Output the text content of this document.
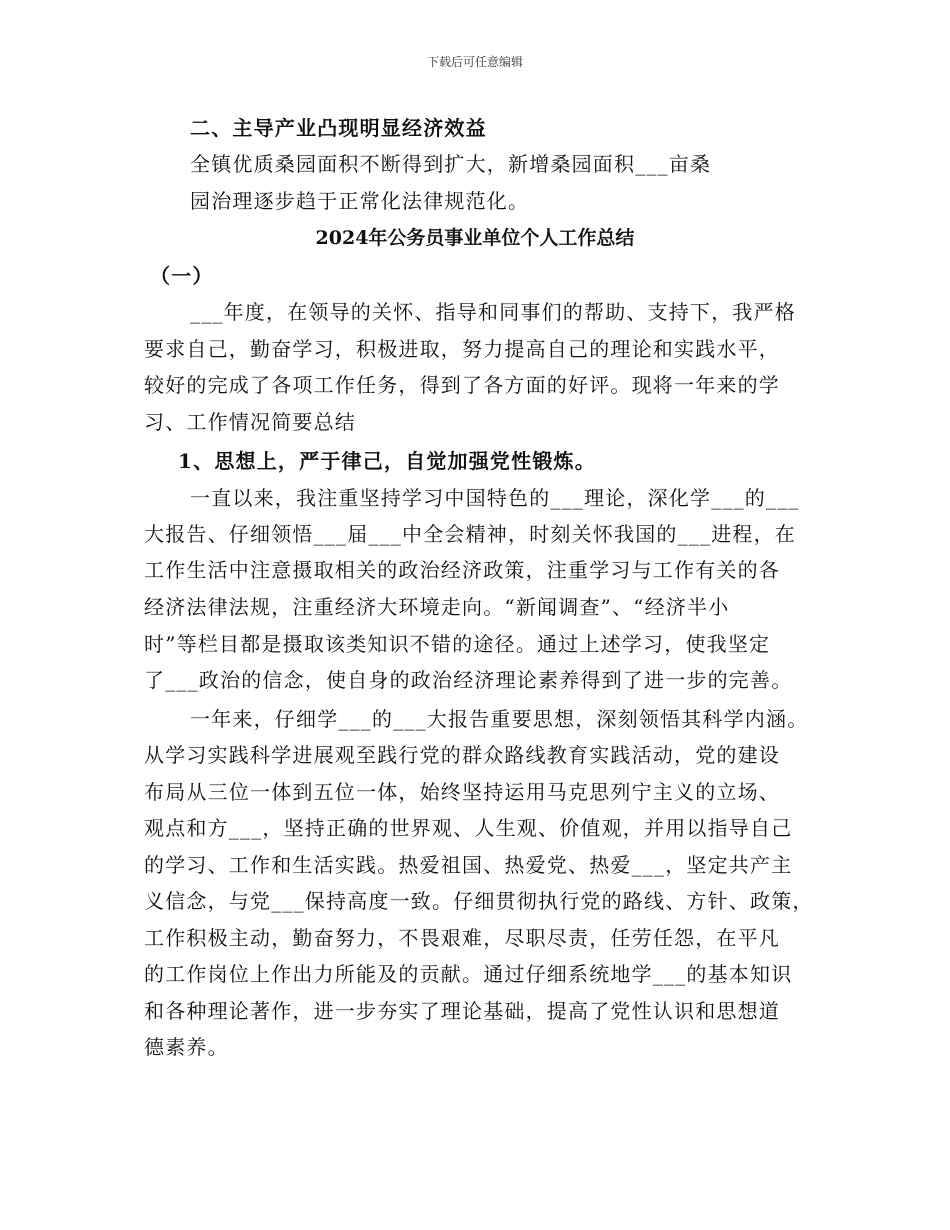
下载后可任意编辑
二、主导产业凸现明显经济效益
全镇优质桑园面积不断得到扩大，新增桑园面积___亩桑
园治理逐步趋于正常化法律规范化。
2024年公务员事业单位个人工作总结
（一）
___年度，在领导的关怀、指导和同事们的帮助、支持下，我严格
要求自己，勤奋学习，积极进取，努力提高自己的理论和实践水平，
较好的完成了各项工作任务，得到了各方面的好评。现将一年来的学
习、工作情况简要总结
1、思想上，严于律己，自觉加强党性锻炼。
一直以来，我注重坚持学习中国特色的___理论，深化学___的___
大报告、仔细领悟___届___中全会精神，时刻关怀我国的___进程，在
工作生活中注意摄取相关的政治经济政策，注重学习与工作有关的各
经济法律法规，注重经济大环境走向。“新闻调查”、“经济半小
时”等栏目都是摄取该类知识不错的途径。通过上述学习，使我坚定
了___政治的信念，使自身的政治经济理论素养得到了进一步的完善。
一年来，仔细学___的___大报告重要思想，深刻领悟其科学内涵。
从学习实践科学进展观至践行党的群众路线教育实践活动，党的建设
布局从三位一体到五位一体，始终坚持运用马克思列宁主义的立场、
观点和方___，坚持正确的世界观、人生观、价值观，并用以指导自己
的学习、工作和生活实践。热爱祖国、热爱党、热爱___，坚定共产主
义信念，与党___保持高度一致。仔细贯彻执行党的路线、方针、政策，
工作积极主动，勤奋努力，不畏艰难，尽职尽责，任劳任怨，在平凡
的工作岗位上作出力所能及的贡献。通过仔细系统地学___的基本知识
和各种理论著作，进一步夯实了理论基础，提高了党性认识和思想道
德素养。
